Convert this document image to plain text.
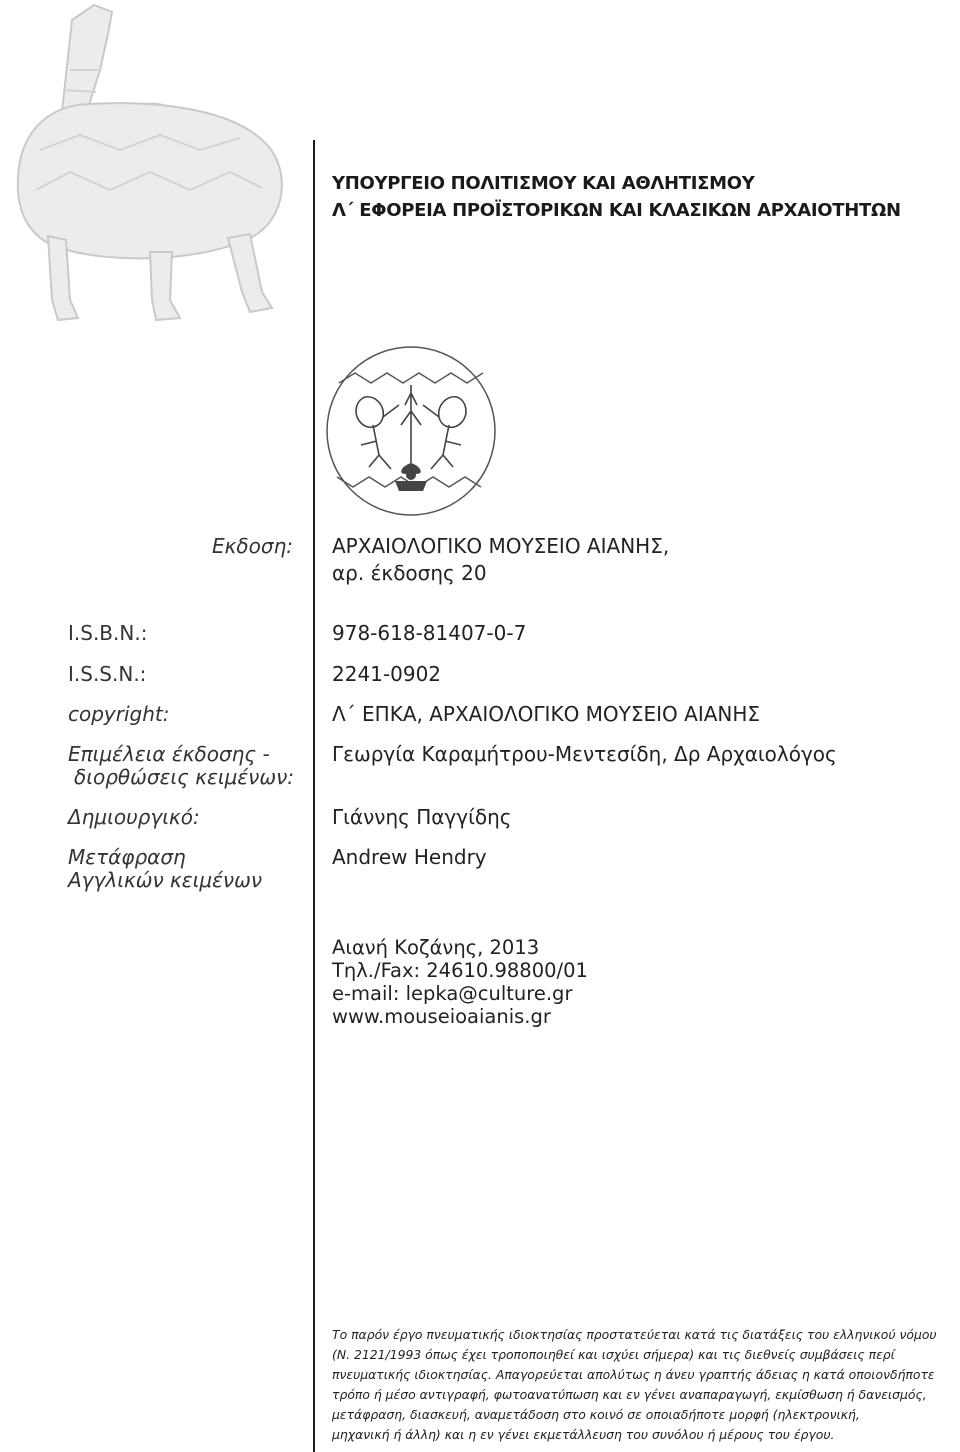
ΥΠΟΥΡΓΕΙΟ ΠΟΛΙΤΙΣΜΟΥ ΚΑΙ ΑΘΛΗΤΙΣΜΟΥ
Λ΄ ΕΦΟΡΕΙΑ ΠΡΟΪΣΤΟΡΙΚΩΝ ΚΑΙ ΚΛΑΣΙΚΩΝ ΑΡΧΑΙΟΤΗΤΩΝ
Εκδοση:
I.S.B.N.:
I.S.S.N.:
copyright:
Επιμέλεια έκδοσης -
διορθώσεις κειμένων:
Δημιουργικό:
Μετάφραση
Αγγλικών κειμένων
ΑΡΧΑΙΟΛΟΓΙΚΟ ΜΟΥΣΕΙΟ ΑΙΑΝΗΣ,
αρ. έκδοσης 20
978-618-81407-0-7
2241-0902
Λ΄ ΕΠΚΑ, ΑΡΧΑΙΟΛΟΓΙΚΟ ΜΟΥΣΕΙΟ ΑΙΑΝΗΣ
Γεωργία Καραμήτρου-Μεντεσίδη, Δρ Αρχαιολόγος
Γιάννης Παγγίδης
Andrew Hendry
Αιανή Κοζάνης, 2013
Τηλ./Fax: 24610.98800/01
e-mail: lepka@culture.gr
www.mouseioaianis.gr
Το παρόν έργο πνευματικής ιδιοκτησίας προστατεύεται κατά τις διατάξεις του ελληνικού νόμου
(Ν. 2121/1993 όπως έχει τροποποιηθεί και ισχύει σήμερα) και τις διεθνείς συμβάσεις περί
πνευματικής ιδιοκτησίας. Απαγορεύεται απολύτως η άνευ γραπτής άδειας η κατά οποιονδήποτε
τρόπο ή μέσο αντιγραφή, φωτοανατύπωση και εν γένει αναπαραγωγή, εκμίσθωση ή δανεισμός,
μετάφραση, διασκευή, αναμετάδοση στο κοινό σε οποιαδήποτε μορφή (ηλεκτρονική,
μηχανική ή άλλη) και η εν γένει εκμετάλλευση του συνόλου ή μέρους του έργου.
